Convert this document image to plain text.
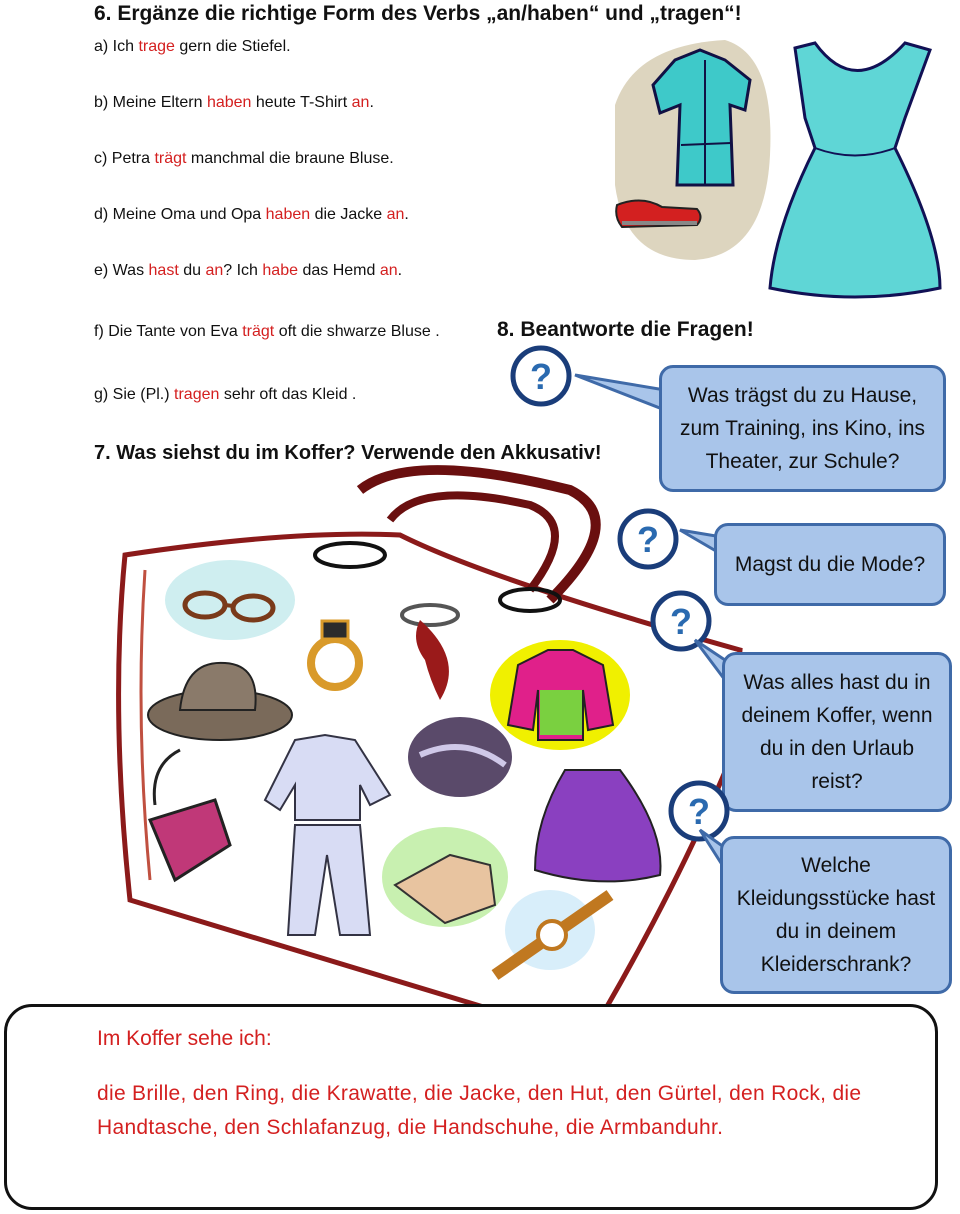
6. Ergänze die richtige Form des Verbs „an/haben“ und „tragen“!
a) Ich trage gern die Stiefel.
b) Meine Eltern haben heute T-Shirt an.
c) Petra trägt manchmal die braune Bluse.
d) Meine Oma und Opa haben die Jacke an.
e) Was hast du an? Ich habe das Hemd an.
f) Die Tante von Eva trägt oft die shwarze Bluse .
g) Sie (Pl.) tragen sehr oft das Kleid .
8. Beantworte die Fragen!
7. Was siehst du im Koffer? Verwende den Akkusativ!
?	Was trägst du zu Hause, zum Training, ins Kino, ins Theater, zur Schule?
?
Magst du die Mode?
?
Was alles hast du in deinem Koffer, wenn du in den Urlaub reist?
?
Welche Kleidungsstücke hast du in deinem Kleiderschrank?
Im Koffer sehe ich:
die Brille, den Ring, die Krawatte, die Jacke, den Hut, den Gürtel, den Rock, die Handtasche, den Schlafanzug, die Handschuhe, die Armbanduhr.
